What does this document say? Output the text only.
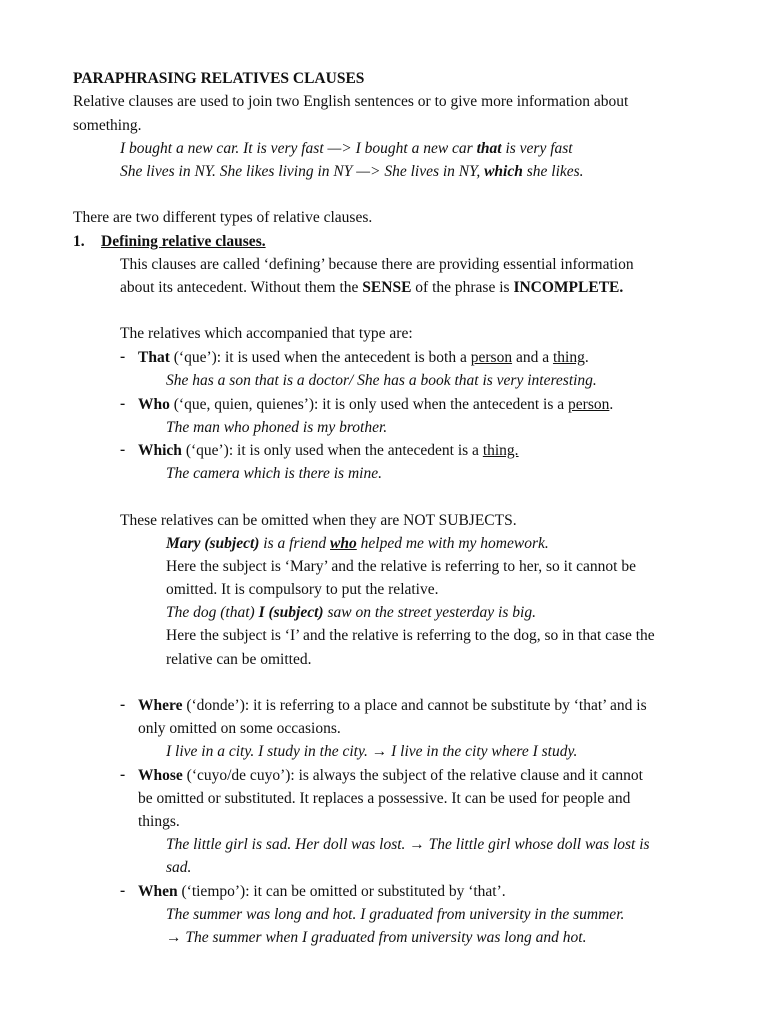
PARAPHRASING RELATIVES CLAUSES
Relative clauses are used to join two English sentences or to give more information about
something.
I bought a new car. It is very fast —> I bought a new car that is very fast
She lives in NY. She likes living in NY —> She lives in NY, which she likes.
There are two different types of relative clauses.
1. Defining relative clauses.
This clauses are called ‘defining’ because there are providing essential information
about its antecedent. Without them the SENSE of the phrase is INCOMPLETE.
The relatives which accompanied that type are:
- That (‘que’): it is used when the antecedent is both a person and a thing.
She has a son that is a doctor/ She has a book that is very interesting.
- Who (‘que, quien, quienes’): it is only used when the antecedent is a person.
The man who phoned is my brother.
- Which (‘que’): it is only used when the antecedent is a thing.
The camera which is there is mine.
These relatives can be omitted when they are NOT SUBJECTS.
Mary (subject) is a friend who helped me with my homework.
Here the subject is ‘Mary’ and the relative is referring to her, so it cannot be
omitted. It is compulsory to put the relative.
The dog (that) I (subject) saw on the street yesterday is big.
Here the subject is ‘I’ and the relative is referring to the dog, so in that case the
relative can be omitted.
- Where (‘donde’): it is referring to a place and cannot be substitute by ‘that’ and is
only omitted on some occasions.
I live in a city. I study in the city. → I live in the city where I study.
- Whose (‘cuyo/de cuyo’): is always the subject of the relative clause and it cannot
be omitted or substituted. It replaces a possessive. It can be used for people and
things.
The little girl is sad. Her doll was lost. → The little girl whose doll was lost is
sad.
- When (‘tiempo’): it can be omitted or substituted by ‘that’.
The summer was long and hot. I graduated from university in the summer.
→ The summer when I graduated from university was long and hot.
